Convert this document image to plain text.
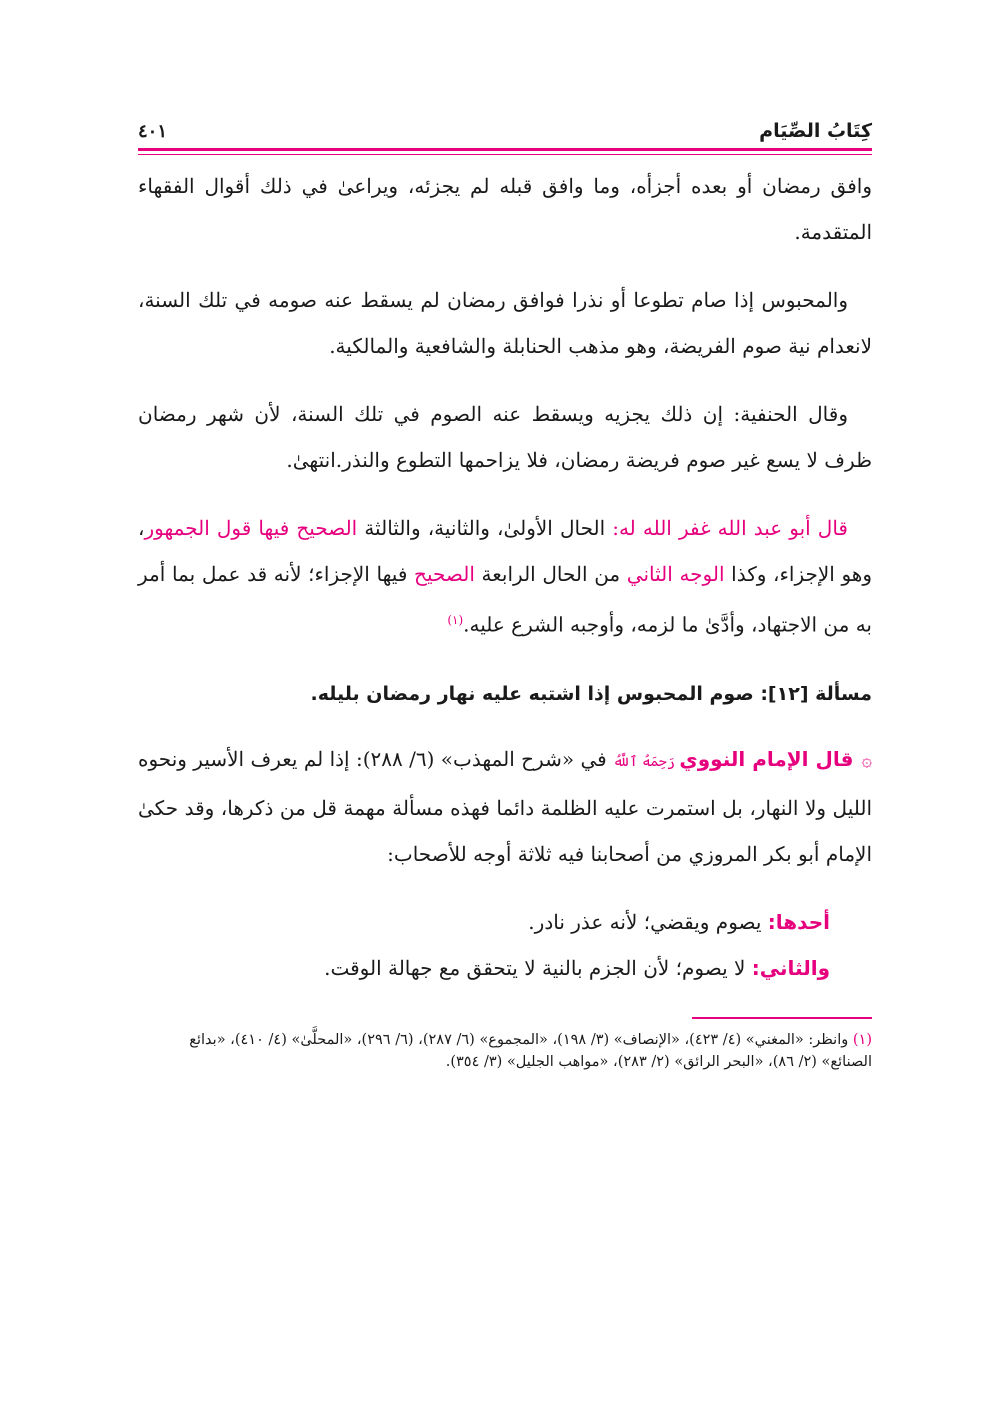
كِتَابُ الصِّيَام
٤٠١

وافق رمضان أو بعده أجزأه، وما وافق قبله لم يجزئه، ويراعىٰ في ذلك أقوال الفقهاء المتقدمة.

والمحبوس إذا صام تطوعا أو نذرا فوافق رمضان لم يسقط عنه صومه في تلك السنة، لانعدام نية صوم الفريضة، وهو مذهب الحنابلة والشافعية والمالكية.

وقال الحنفية: إن ذلك يجزيه ويسقط عنه الصوم في تلك السنة، لأن شهر رمضان ظرف لا يسع غير صوم فريضة رمضان، فلا يزاحمها التطوع والنذر.انتهىٰ.

قال أبو عبد الله غفر الله له: الحال الأولىٰ، والثانية، والثالثة الصحيح فيها قول الجمهور، وهو الإجزاء، وكذا الوجه الثاني من الحال الرابعة الصحيح فيها الإجزاء؛ لأنه قد عمل بما أمر به من الاجتهاد، وأدَّىٰ ما لزمه، وأوجبه الشرع عليه.$^{(١)}$

مسألة [١٢]: صوم المحبوس إذا اشتبه عليه نهار رمضان بليله.

۞قال الإمام النووي رَحِمَهُ ٱللَّهُ في «شرح المهذب» (٦/ ٢٨٨): إذا لم يعرف الأسير ونحوه الليل ولا النهار، بل استمرت عليه الظلمة دائما فهذه مسألة مهمة قل من ذكرها، وقد حكىٰ الإمام أبو بكر المروزي من أصحابنا فيه ثلاثة أوجه للأصحاب:

أحدها: يصوم ويقضي؛ لأنه عذر نادر.

والثاني: لا يصوم؛ لأن الجزم بالنية لا يتحقق مع جهالة الوقت.

(١) وانظر: «المغني» (٤/ ٤٢٣)، «الإنصاف» (٣/ ١٩٨)، «المجموع» (٦/ ٢٨٧)، (٦/ ٢٩٦)، «المحلَّىٰ» (٤/ ٤١٠)، «بدائع الصنائع» (٢/ ٨٦)، «البحر الرائق» (٢/ ٢٨٣)، «مواهب الجليل» (٣/ ٣٥٤).
